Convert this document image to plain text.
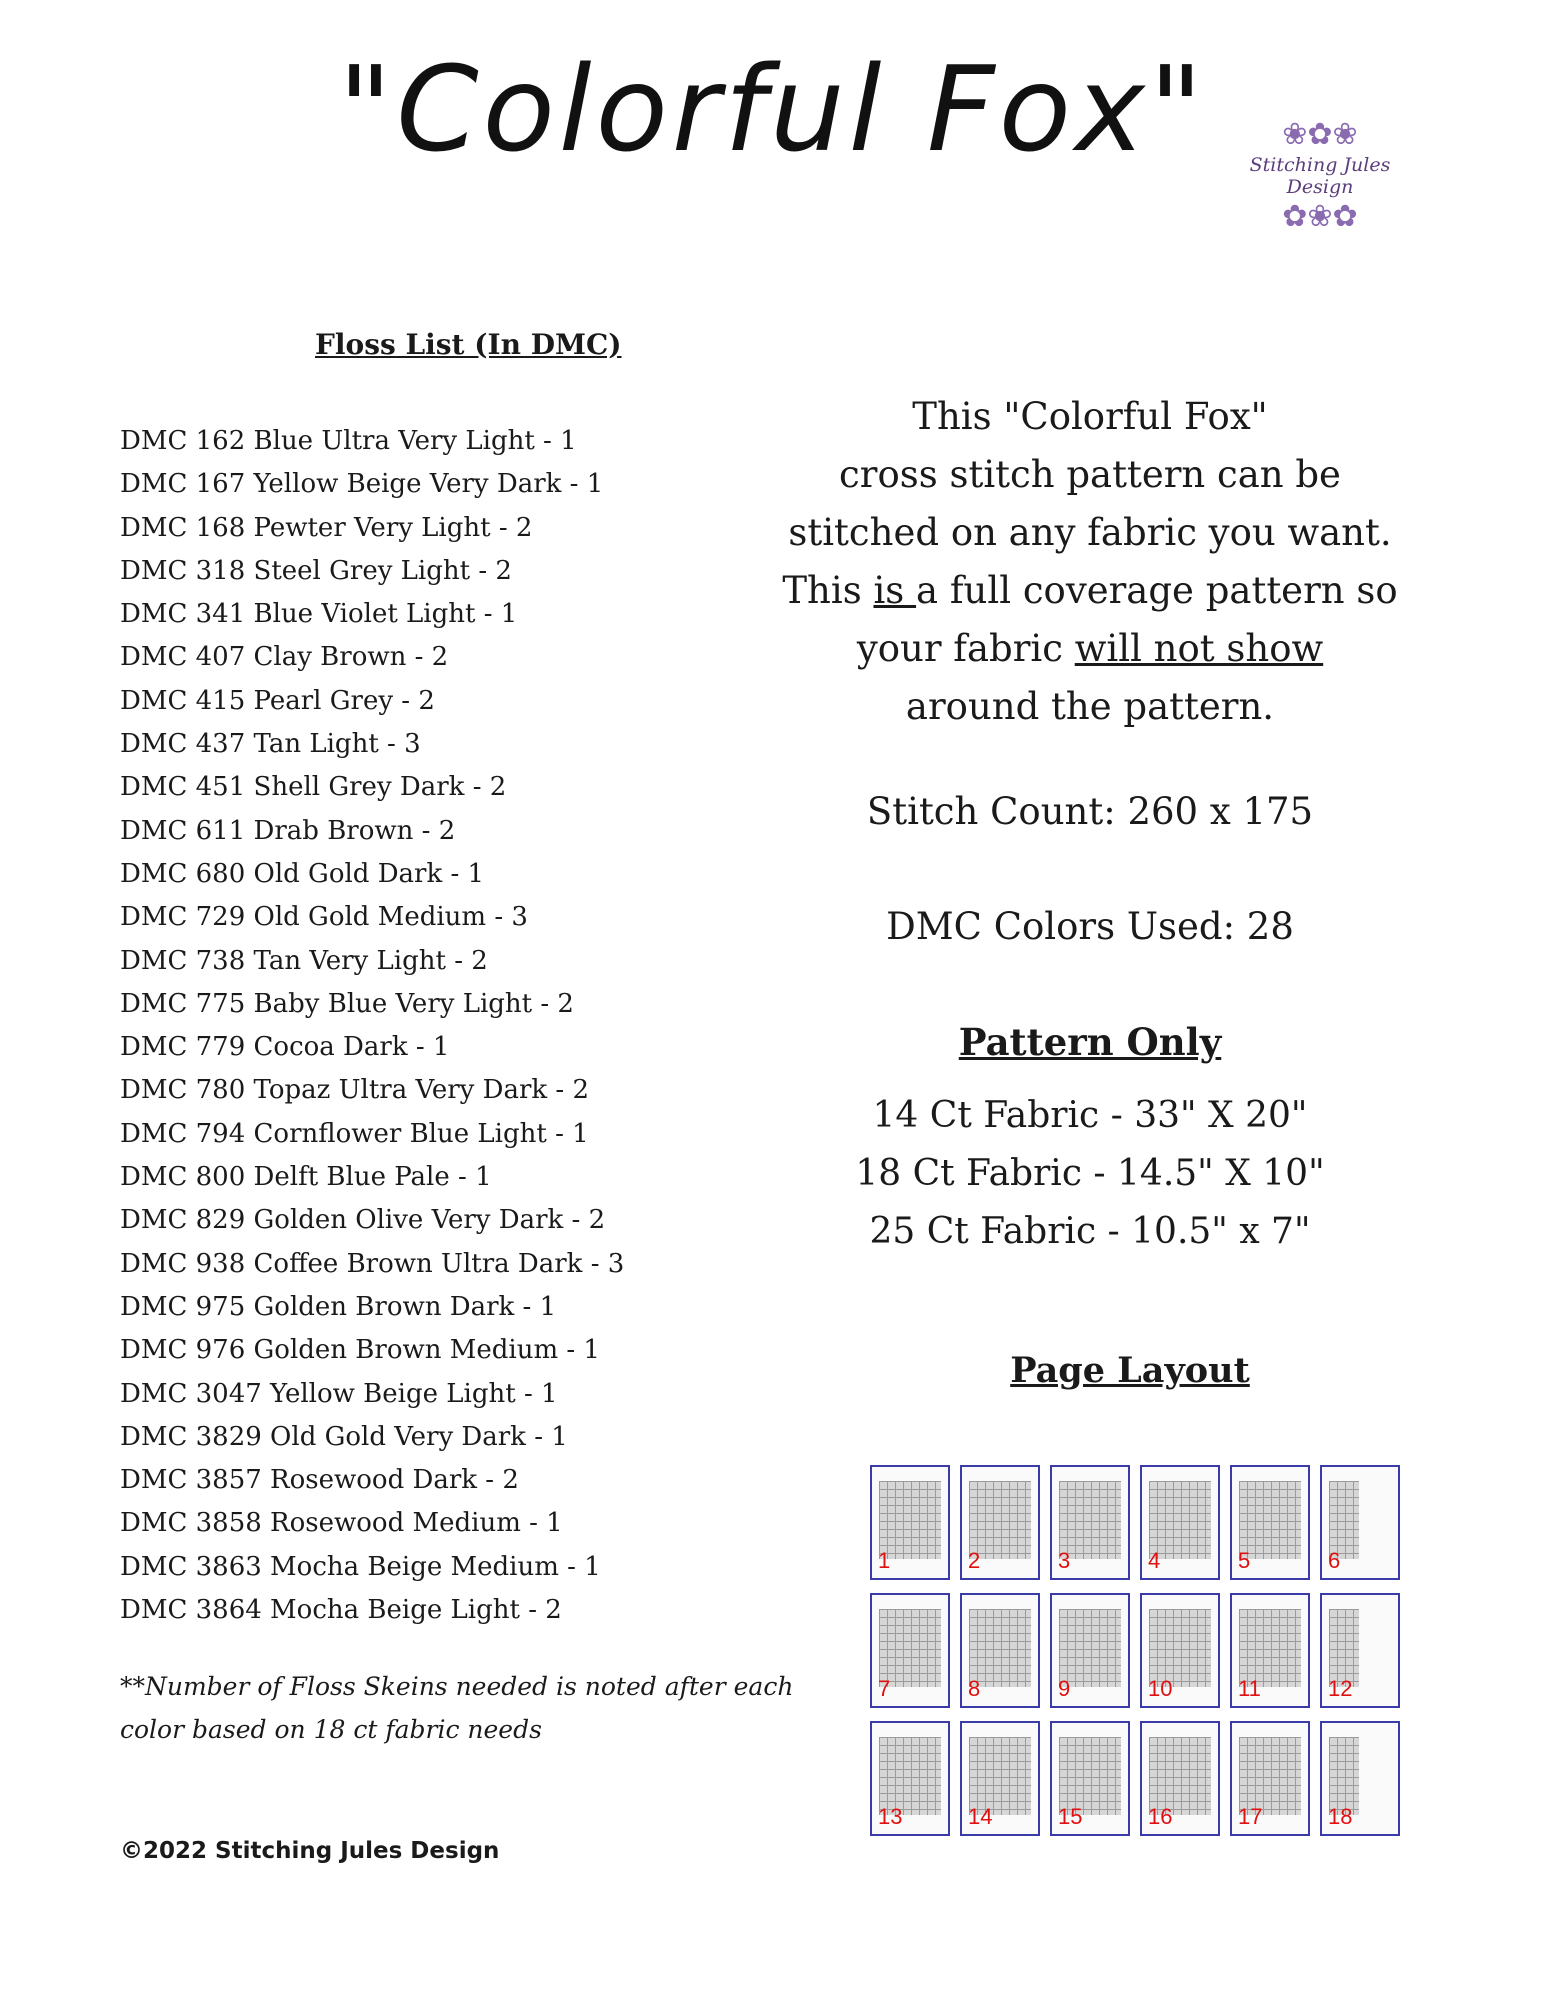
"Colorful Fox"	❀✿❀
Stitching Jules Design
✿❀✿
Floss List (In DMC)
DMC 162 Blue Ultra Very Light - 1
DMC 167 Yellow Beige Very Dark - 1
DMC 168 Pewter Very Light - 2
DMC 318 Steel Grey Light - 2
DMC 341 Blue Violet Light - 1
DMC 407 Clay Brown - 2
DMC 415 Pearl Grey - 2
DMC 437 Tan Light - 3
DMC 451 Shell Grey Dark - 2
DMC 611 Drab Brown - 2
DMC 680 Old Gold Dark - 1
DMC 729 Old Gold Medium - 3
DMC 738 Tan Very Light - 2
DMC 775 Baby Blue Very Light - 2
DMC 779 Cocoa Dark - 1
DMC 780 Topaz Ultra Very Dark - 2
DMC 794 Cornflower Blue Light - 1
DMC 800 Delft Blue Pale - 1
DMC 829 Golden Olive Very Dark - 2
DMC 938 Coffee Brown Ultra Dark - 3
DMC 975 Golden Brown Dark - 1
DMC 976 Golden Brown Medium - 1
DMC 3047 Yellow Beige Light - 1
DMC 3829 Old Gold Very Dark - 1
DMC 3857 Rosewood Dark - 2
DMC 3858 Rosewood Medium - 1
DMC 3863 Mocha Beige Medium - 1
DMC 3864 Mocha Beige Light - 2
**Number of Floss Skeins needed is noted after each color based on 18 ct fabric needs
©2022 Stitching Jules Design
This "Colorful Fox"
cross stitch pattern can be
stitched on any fabric you want.
This is a full coverage pattern so
your fabric will not show
around the pattern.
Stitch Count: 260 x 175
DMC Colors Used: 28
Pattern Only
14 Ct Fabric - 33" X 20"
18 Ct Fabric - 14.5" X 10"
25 Ct Fabric - 10.5" x 7"
Page Layout
1	2	3	4	5	6
7	8	9	10	11	12
13	14	15	16	17	18
